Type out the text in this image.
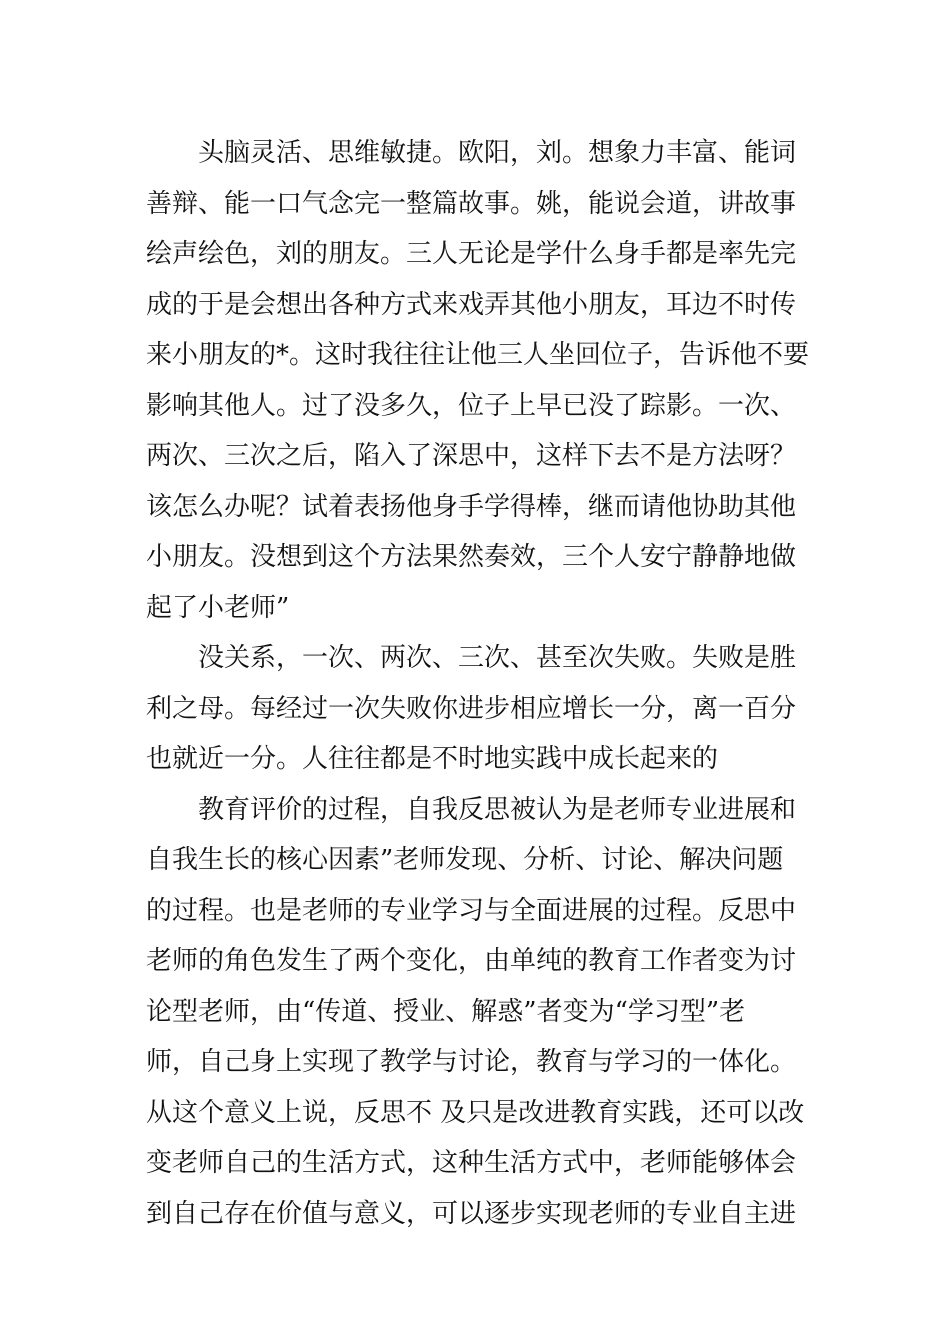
头脑灵活、思维敏捷。欧阳，刘。想象力丰富、能词
善辩、能一口气念完一整篇故事。姚，能说会道，讲故事
绘声绘色，刘的朋友。三人无论是学什么身手都是率先完
成的于是会想出各种方式来戏弄其他小朋友，耳边不时传
来小朋友的*。这时我往往让他三人坐回位子，告诉他不要
影响其他人。过了没多久，位子上早已没了踪影。一次、
两次、三次之后，陷入了深思中，这样下去不是方法呀？
该怎么办呢？试着表扬他身手学得棒，继而请他协助其他
小朋友。没想到这个方法果然奏效，三个人安宁静静地做
起了小老师”
没关系，一次、两次、三次、甚至次失败。失败是胜
利之母。每经过一次失败你进步相应增长一分，离一百分
也就近一分。人往往都是不时地实践中成长起来的
教育评价的过程，自我反思被认为是老师专业进展和
自我生长的核心因素”老师发现、分析、讨论、解决问题
的过程。也是老师的专业学习与全面进展的过程。反思中
老师的角色发生了两个变化，由单纯的教育工作者变为讨
论型老师，由“传道、授业、解惑”者变为“学习型”老
师，自己身上实现了教学与讨论，教育与学习的一体化。
从这个意义上说，反思不 及只是改进教育实践，还可以改
变老师自己的生活方式，这种生活方式中，老师能够体会
到自己存在价值与意义，可以逐步实现老师的专业自主进
